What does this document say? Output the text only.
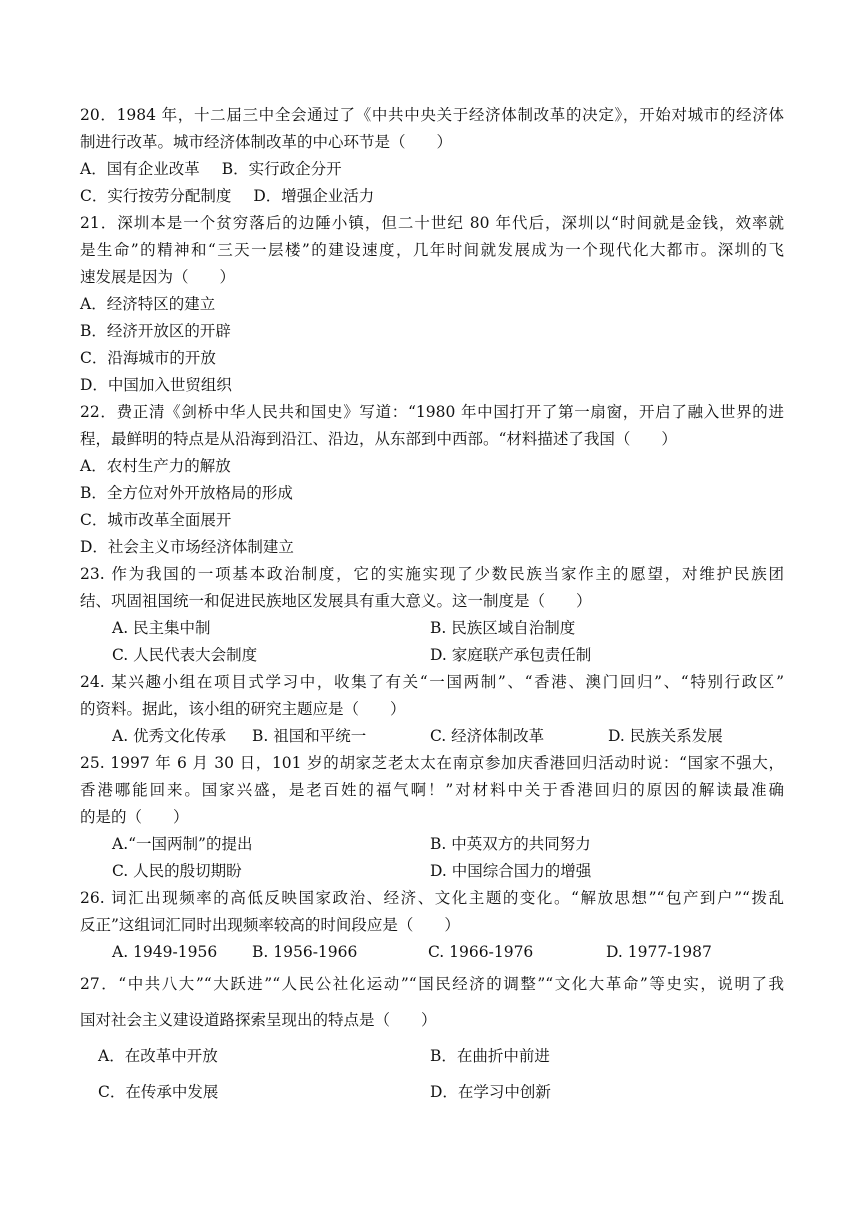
20．1984 年，十二届三中全会通过了《中共中央关于经济体制改革的决定》，开始对城市的经济体
制进行改革。城市经济体制改革的中心环节是（　　）
A．国有企业改革 B．实行政企分开
C．实行按劳分配制度 D．增强企业活力
21．深圳本是一个贫穷落后的边陲小镇，但二十世纪 80 年代后，深圳以“时间就是金钱，效率就
是生命”的精神和“三天一层楼”的建设速度，几年时间就发展成为一个现代化大都市。深圳的飞
速发展是因为（　　）
A．经济特区的建立
B．经济开放区的开辟
C．沿海城市的开放
D．中国加入世贸组织
22．费正清《剑桥中华人民共和国史》写道：“1980 年中国打开了第一扇窗，开启了融入世界的进
程，最鲜明的特点是从沿海到沿江、沿边，从东部到中西部。“材料描述了我国（　　）
A．农村生产力的解放
B．全方位对外开放格局的形成
C．城市改革全面展开
D．社会主义市场经济体制建立
23. 作为我国的一项基本政治制度，它的实施实现了少数民族当家作主的愿望，对维护民族团
结、巩固祖国统一和促进民族地区发展具有重大意义。这一制度是（　　）
A. 民主集中制	B. 民族区域自治制度
C. 人民代表大会制度	D. 家庭联产承包责任制
24. 某兴趣小组在项目式学习中，收集了有关“一国两制”、“香港、澳门回归”、“特别行政区”
的资料。据此，该小组的研究主题应是（　　）
A. 优秀文化传承	B. 祖国和平统一	C. 经济体制改革	D. 民族关系发展
25. 1997 年 6 月 30 日，101 岁的胡家芝老太太在南京参加庆香港回归活动时说：“国家不强大，
香港哪能回来。国家兴盛，是老百姓的福气啊！”对材料中关于香港回归的原因的解读最准确
的是的（　　）
A.“一国两制”的提出	B. 中英双方的共同努力
C. 人民的殷切期盼	D. 中国综合国力的增强
26. 词汇出现频率的高低反映国家政治、经济、文化主题的变化。“解放思想”“包产到户”“拨乱
反正”这组词汇同时出现频率较高的时间段应是（　　）
A. 1949-1956	B. 1956-1966	C. 1966-1976	D. 1977-1987
27．“中共八大”“大跃进”“人民公社化运动”“国民经济的调整”“文化大革命”等史实，说明了我
国对社会主义建设道路探索呈现出的特点是（　　）
A．在改革中开放	B．在曲折中前进
C．在传承中发展	D．在学习中创新
